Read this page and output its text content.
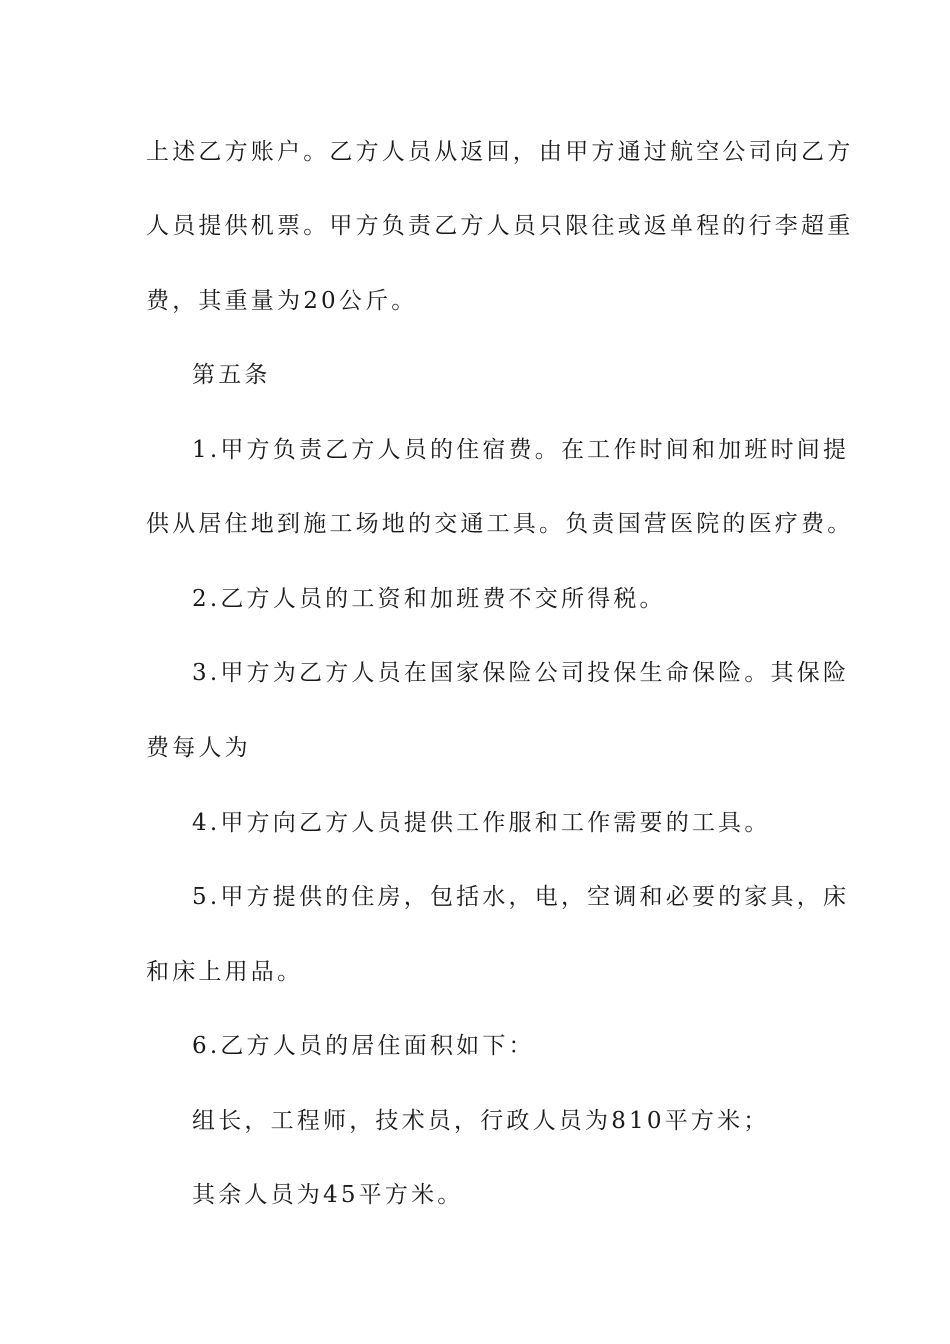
上述乙方账户。乙方人员从返回，由甲方通过航空公司向乙方
人员提供机票。甲方负责乙方人员只限往或返单程的行李超重
费，其重量为20公斤。
第五条
1.甲方负责乙方人员的住宿费。在工作时间和加班时间提
供从居住地到施工场地的交通工具。负责国营医院的医疗费。
2.乙方人员的工资和加班费不交所得税。
3.甲方为乙方人员在国家保险公司投保生命保险。其保险
费每人为
4.甲方向乙方人员提供工作服和工作需要的工具。
5.甲方提供的住房，包括水，电，空调和必要的家具，床
和床上用品。
6.乙方人员的居住面积如下：
组长，工程师，技术员，行政人员为810平方米；
其余人员为45平方米。
